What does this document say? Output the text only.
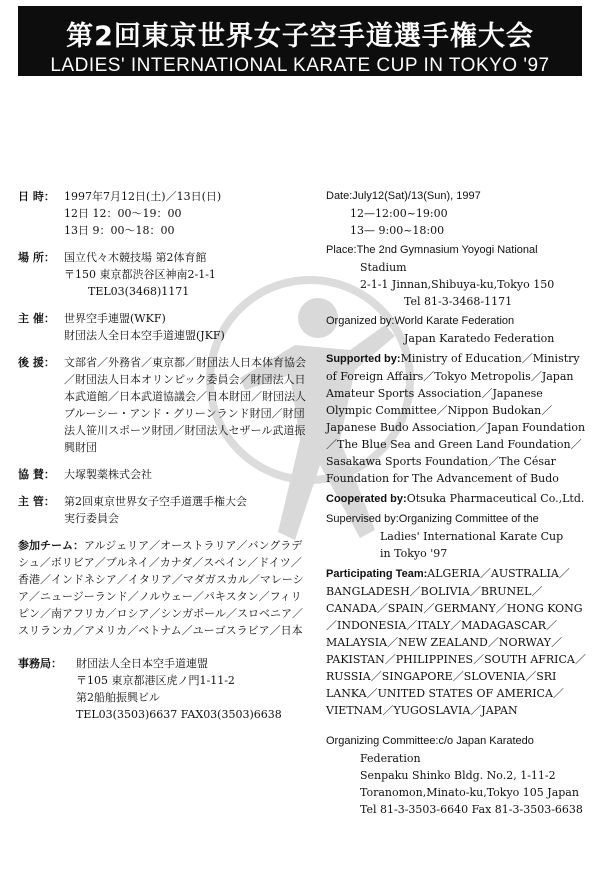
第2回東京世界女子空手道選手権大会
LADIES' INTERNATIONAL KARATE CUP IN TOKYO '97
日 時： 1997年7月12日(土)／13日(日)
12日 12：00〜19：00
13日 9：00〜18：00
場 所： 国立代々木競技場 第2体育館
〒150 東京都渋谷区神南2-1-1
TEL03(3468)1171
主 催： 世界空手連盟(WKF)
財団法人全日本空手道連盟(JKF)
後 援： 文部省／外務省／東京都／財団法人日本体育協会／財団法人日本オリンピック委員会／財団法人日本武道館／日本武道協議会／日本財団／財団法人ブルーシー・アンド・グリーンランド財団／財団法人笹川スポーツ財団／財団法人セザール武道振興財団
協 賛： 大塚製薬株式会社
主 管： 第2回東京世界女子空手道選手権大会
実行委員会
参加チーム：アルジェリア／オーストラリア／バングラデシュ／ボリビア／ブルネイ／カナダ／スペイン／ドイツ／香港／インドネシア／イタリア／マダガスカル／マレーシア／ニュージーランド／ノルウェー／パキスタン／フィリピン／南アフリカ／ロシア／シンガポール／スロベニア／スリランカ／アメリカ／ベトナム／ユーゴスラビア／日本
事務局：	財団法人全日本空手道連盟
〒105 東京都港区虎ノ門1-11-2
第2船舶振興ビル
TEL03(3503)6637 FAX03(3503)6638
Date:July12(Sat)/13(Sun), 1997
12—12:00~19:00
13— 9:00~18:00
Place:The 2nd Gymnasium Yoyogi National
Stadium
2-1-1 Jinnan,Shibuya-ku,Tokyo 150
Tel 81-3-3468-1171
Organized by:World Karate Federation
Japan Karatedo Federation
Supported by:Ministry of Education／Ministry of Foreign Affairs／Tokyo Metropolis／Japan Amateur Sports Association／Japanese Olympic Committee／Nippon Budokan／Japanese Budo Association／Japan Foundation／The Blue Sea and Green Land Foundation／Sasakawa Sports Foundation／The César Foundation for The Advancement of Budo
Cooperated by:Otsuka Pharmaceutical Co.,Ltd.
Supervised by:Organizing Committee of the
Ladies' International Karate Cup
in Tokyo '97
Participating Team:ALGERIA／AUSTRALIA／BANGLADESH／BOLIVIA／BRUNEL／CANADA／SPAIN／GERMANY／HONG KONG／INDONESIA／ITALY／MADAGASCAR／MALAYSIA／NEW ZEALAND／NORWAY／PAKISTAN／PHILIPPINES／SOUTH AFRICA／RUSSIA／SINGAPORE／SLOVENIA／SRI LANKA／UNITED STATES OF AMERICA／VIETNAM／YUGOSLAVIA／JAPAN
Organizing Committee:c/o Japan Karatedo
Federation
Senpaku Shinko Bldg. No.2, 1-11-2
Toranomon,Minato-ku,Tokyo 105 Japan
Tel 81-3-3503-6640 Fax 81-3-3503-6638
